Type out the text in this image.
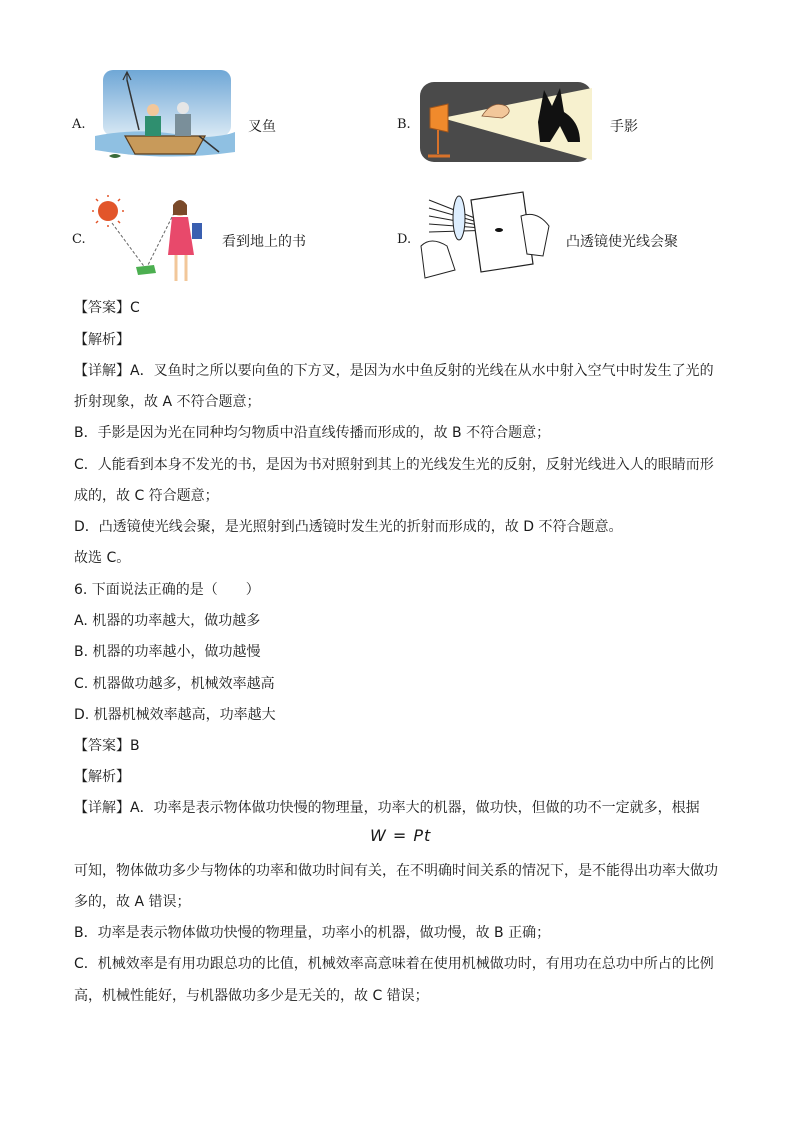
A.	叉鱼	B.	手影
C.	看到地上的书	D.	凸透镜使光线会聚
【答案】C
【解析】
【详解】A．叉鱼时之所以要向鱼的下方叉，是因为水中鱼反射的光线在从水中射入空气中时发生了光的
折射现象，故 A 不符合题意；
B．手影是因为光在同种均匀物质中沿直线传播而形成的，故 B 不符合题意；
C．人能看到本身不发光的书，是因为书对照射到其上的光线发生光的反射，反射光线进入人的眼睛而形
成的，故 C 符合题意；
D．凸透镜使光线会聚，是光照射到凸透镜时发生光的折射而形成的，故 D 不符合题意。
故选 C。
6. 下面说法正确的是（　　）
A. 机器的功率越大，做功越多
B. 机器的功率越小，做功越慢
C. 机器做功越多，机械效率越高
D. 机器机械效率越高，功率越大
【答案】B
【解析】
【详解】A．功率是表示物体做功快慢的物理量，功率大的机器，做功快，但做的功不一定就多，根据
W = Pt
可知，物体做功多少与物体的功率和做功时间有关，在不明确时间关系的情况下，是不能得出功率大做功
多的，故 A 错误；
B．功率是表示物体做功快慢的物理量，功率小的机器，做功慢，故 B 正确；
C．机械效率是有用功跟总功的比值，机械效率高意味着在使用机械做功时，有用功在总功中所占的比例
高，机械性能好，与机器做功多少是无关的，故 C 错误；
